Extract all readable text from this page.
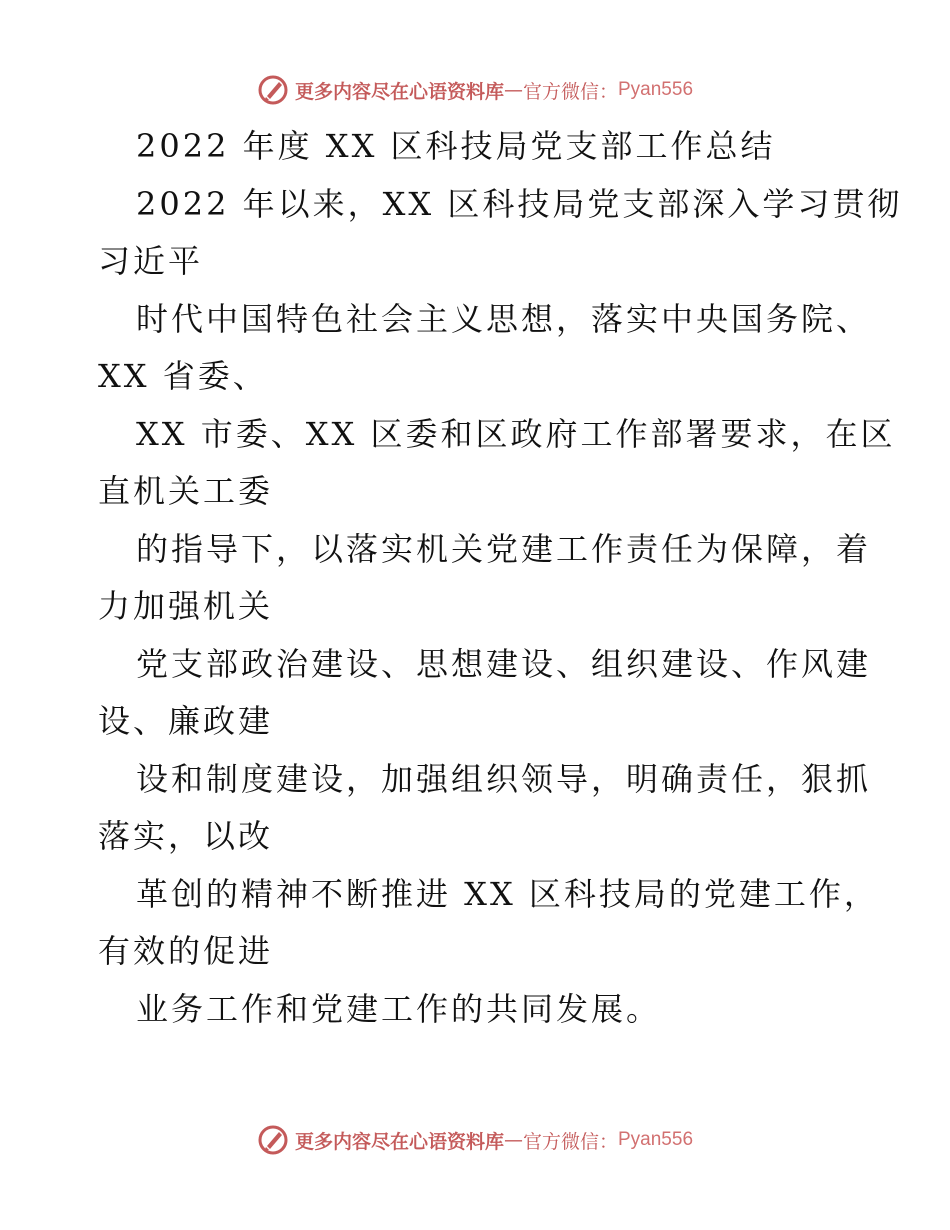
更多内容尽在心语资料库 — 官方微信： Pyan556
2022 年度 XX 区科技局党支部工作总结
2022 年以来，XX 区科技局党支部深入学习贯彻
习近平
时代中国特色社会主义思想，落实中央国务院、
XX 省委、
XX 市委、XX 区委和区政府工作部署要求，在区
直机关工委
的指导下，以落实机关党建工作责任为保障，着
力加强机关
党支部政治建设、思想建设、组织建设、作风建
设、廉政建
设和制度建设，加强组织领导，明确责任，狠抓
落实，以改
革创的精神不断推进 XX 区科技局的党建工作，
有效的促进
业务工作和党建工作的共同发展。
更多内容尽在心语资料库 — 官方微信： Pyan556
